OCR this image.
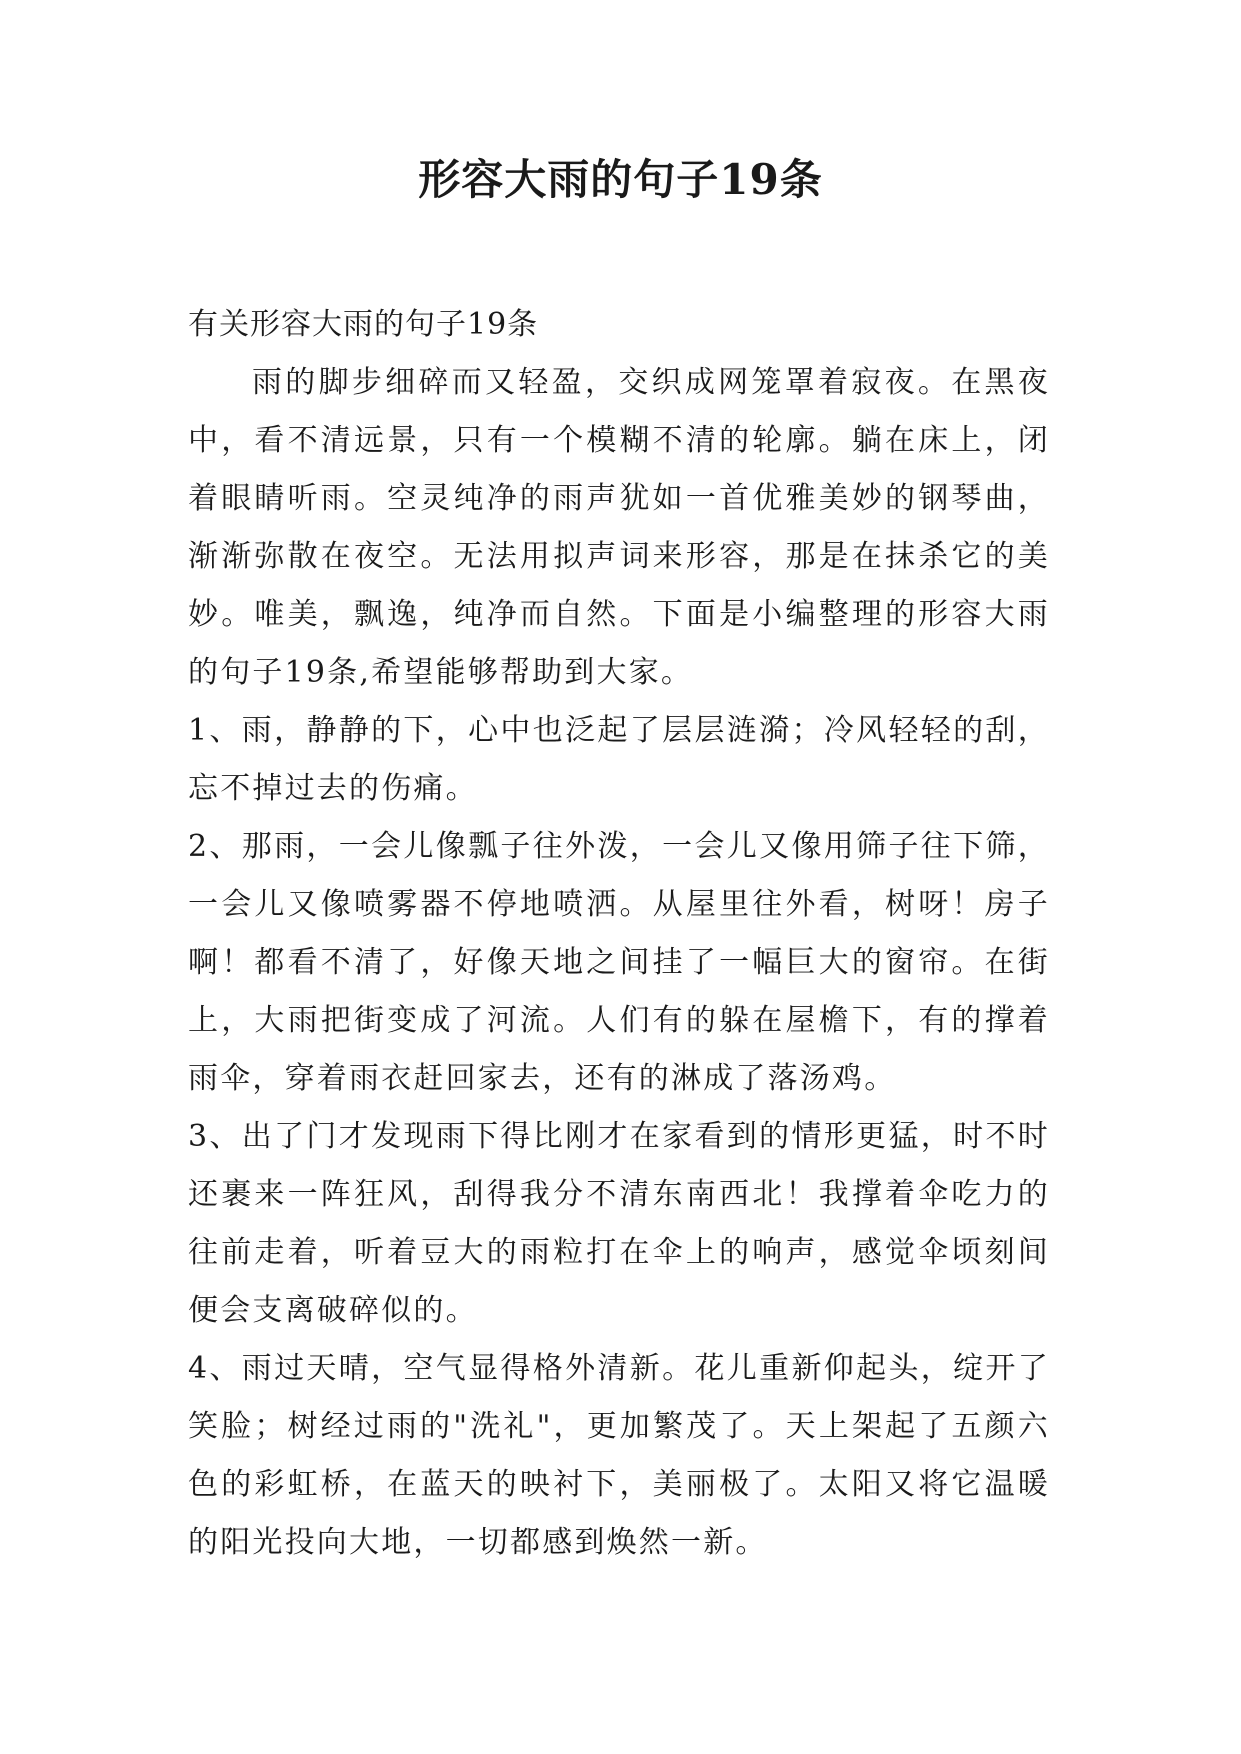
形容大雨的句子19条

有关形容大雨的句子19条

雨的脚步细碎而又轻盈，交织成网笼罩着寂夜。在黑夜中，看不清远景，只有一个模糊不清的轮廓。躺在床上，闭着眼睛听雨。空灵纯净的雨声犹如一首优雅美妙的钢琴曲，渐渐弥散在夜空。无法用拟声词来形容，那是在抹杀它的美妙。唯美，飘逸，纯净而自然。下面是小编整理的形容大雨的句子19条,希望能够帮助到大家。

1、雨，静静的下，心中也泛起了层层涟漪；冷风轻轻的刮，忘不掉过去的伤痛。

2、那雨，一会儿像瓢子往外泼，一会儿又像用筛子往下筛，一会儿又像喷雾器不停地喷洒。从屋里往外看，树呀！房子啊！都看不清了，好像天地之间挂了一幅巨大的窗帘。在街上，大雨把街变成了河流。人们有的躲在屋檐下，有的撑着雨伞，穿着雨衣赶回家去，还有的淋成了落汤鸡。

3、出了门才发现雨下得比刚才在家看到的情形更猛，时不时还裹来一阵狂风，刮得我分不清东南西北！我撑着伞吃力的往前走着，听着豆大的雨粒打在伞上的响声，感觉伞顷刻间便会支离破碎似的。

4、雨过天晴，空气显得格外清新。花儿重新仰起头，绽开了笑脸；树经过雨的"洗礼"，更加繁茂了。天上架起了五颜六色的彩虹桥，在蓝天的映衬下，美丽极了。太阳又将它温暖的阳光投向大地，一切都感到焕然一新。
